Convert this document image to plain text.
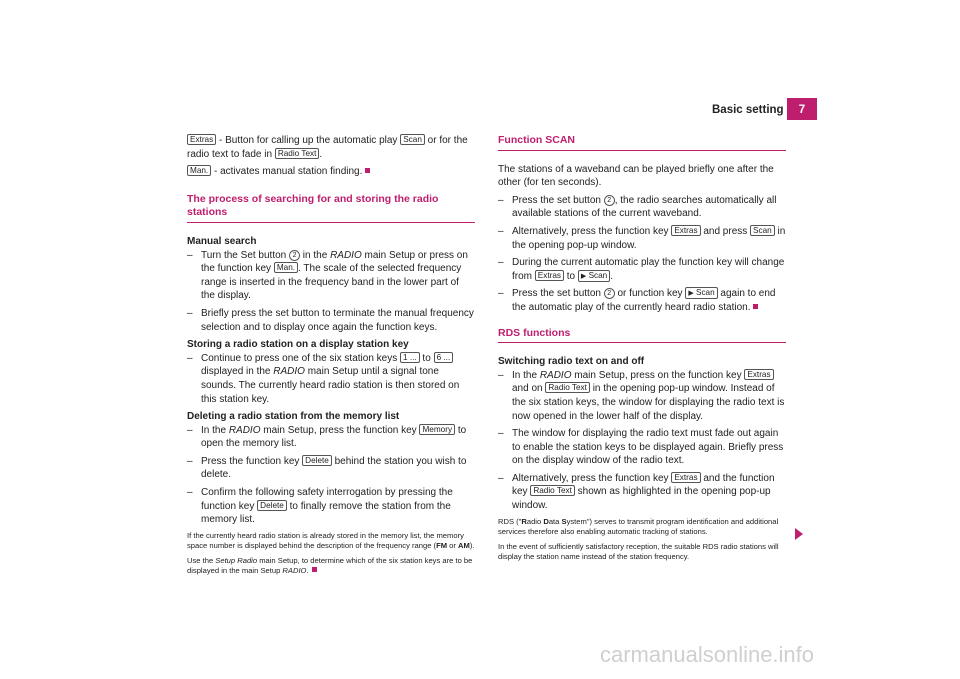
Basic setting	7

Extras - Button for calling up the automatic play Scan or for the radio text to fade in Radio Text .

Man. - activates manual station finding.

The process of searching for and storing the radio stations

Manual search

– Turn the Set button 2 in the RADIO main Setup or press on the function key Man. . The scale of the selected frequency range is inserted in the frequency band in the lower part of the display.
– Briefly press the set button to terminate the manual frequency selection and to display once again the function keys.

Storing a radio station on a display station key

– Continue to press one of the six station keys 1 ... to 6 ... displayed in the RADIO main Setup until a signal tone sounds. The currently heard radio station is then stored on this station key.

Deleting a radio station from the memory list

– In the RADIO main Setup, press the function key Memory to open the memory list.
– Press the function key Delete behind the station you wish to delete.
– Confirm the following safety interrogation by pressing the function key Delete to finally remove the station from the memory list.

If the currently heard radio station is already stored in the memory list, the memory space number is displayed behind the description of the frequency range (FM or AM).

Use the Setup Radio main Setup, to determine which of the six station keys are to be displayed in the main Setup RADIO.

Function SCAN

The stations of a waveband can be played briefly one after the other (for ten seconds).

– Press the set button 2 , the radio searches automatically all available stations of the current waveband.
– Alternatively, press the function key Extras and press Scan in the opening pop-up window.
– During the current automatic play the function key will change from Extras to ▶ Scan .
– Press the set button 2 or function key ▶ Scan again to end the automatic play of the currently heard radio station.
RDS functions

Switching radio text on and off

– In the RADIO main Setup, press on the function key Extras and on Radio Text in the opening pop-up window. Instead of the six station keys, the window for displaying the radio text is now opened in the lower half of the display.
– The window for displaying the radio text must fade out again to enable the station keys to be displayed again. Briefly press on the display window of the radio text.
– Alternatively, press the function key Extras and the function key Radio Text shown as highlighted in the opening pop-up window.

RDS ("Radio Data System") serves to transmit program identification and additional services therefore also enabling automatic tracking of stations.

In the event of sufficiently satisfactory reception, the suitable RDS radio stations will display the station name instead of the station frequency.

carmanualsonline.info
